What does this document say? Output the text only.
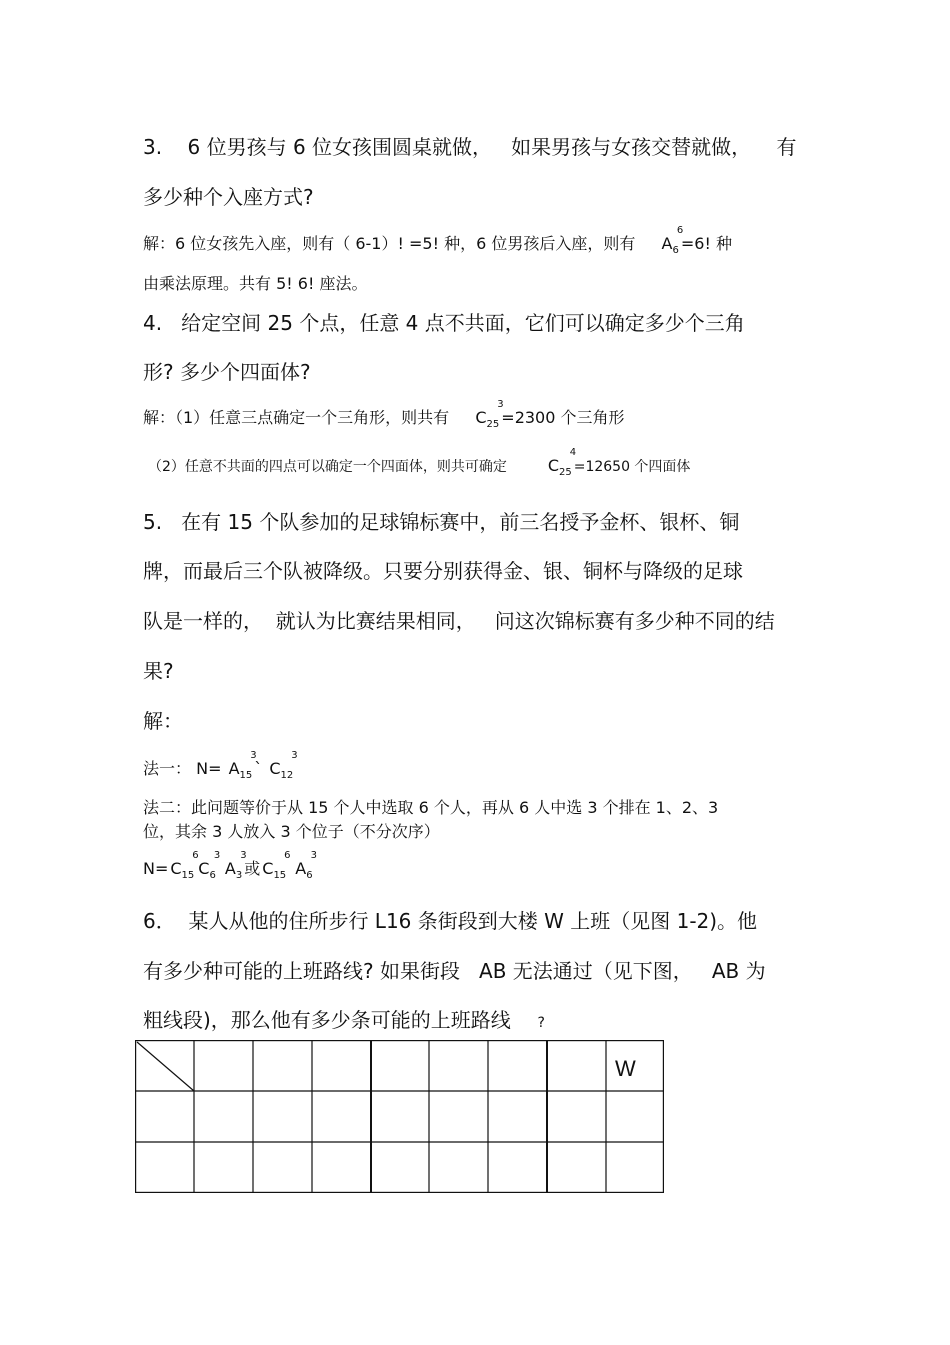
3.    6 位男孩与 6 位女孩围圆桌就做，   如果男孩与女孩交替就做，    有
多少种个入座方式?
解：6 位女孩先入座，则有（ 6-1）! =5! 种，6 位男孩后入座，则有 $A_6$
6
=6! 种
由乘法原理。共有 5! 6! 座法。
4.   给定空间 25 个点，任意 4 点不共面，它们可以确定多少个三角
形? 多少个四面体?
解：（1）任意三点确定一个三角形，则共有 $C_{25}$
3
=2300 个三角形
（2）任意不共面的四点可以确定一个四面体，则共可确定	$C_{25}$
4
=12650 个四面体
5.   在有 15 个队参加的足球锦标赛中，前三名授予金杯、银杯、铜
牌，而最后三个队被降级。只要分别获得金、银、铜杯与降级的足球
队是一样的，  就认为比赛结果相同，   问这次锦标赛有多少种不同的结
果?
解：
法一： $N= A_{15}$
3
` $C_{12}$
3
法二：此问题等价于从 15 个人中选取 6 个人，再从 6 人中选 3 个排在 1、2、3
位，其余 3 人放入 3 个位子（不分次序）
$N= C_{15}$
6
$C_6$
3
$A_3$
3
或 $C_{15}$
6
$A_6$
3
6．  某人从他的住所步行 L16 条街段到大楼 W 上班（见图 1-2)。他
有多少种可能的上班路线? 如果街段   AB 无法通过（见下图，   AB 为
粗线段)，那么他有多少条可能的上班路线 ?
W
